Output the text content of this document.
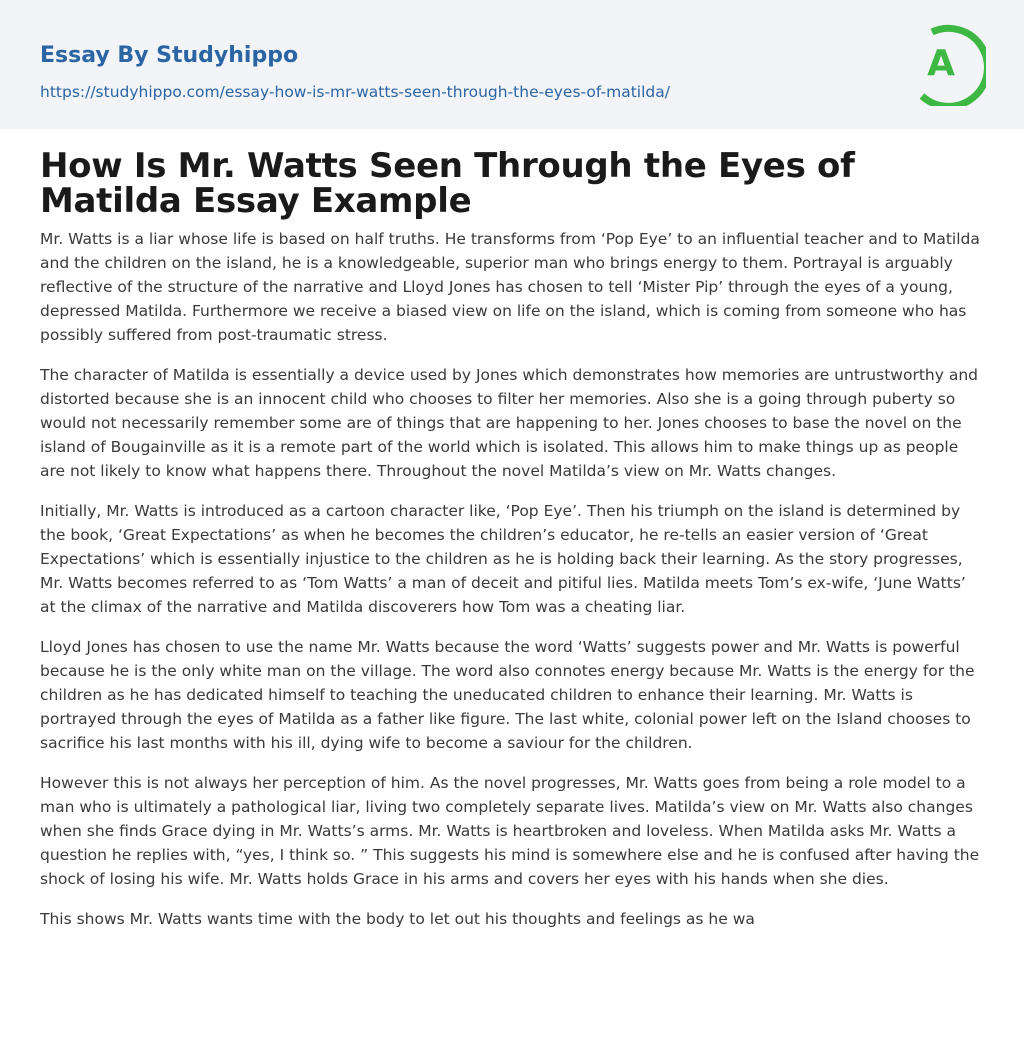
Essay By Studyhippo
https://studyhippo.com/essay-how-is-mr-watts-seen-through-the-eyes-of-matilda/
A
How Is Mr. Watts Seen Through the Eyes of Matilda Essay Example

Mr. Watts is a liar whose life is based on half truths. He transforms from ‘Pop Eye’ to an influential teacher and to Matilda and the children on the island, he is a knowledgeable, superior man who brings energy to them. Portrayal is arguably reflective of the structure of the narrative and Lloyd Jones has chosen to tell ‘Mister Pip’ through the eyes of a young, depressed Matilda. Furthermore we receive a biased view on life on the island, which is coming from someone who has possibly suffered from post-traumatic stress.

The character of Matilda is essentially a device used by Jones which demonstrates how memories are untrustworthy and distorted because she is an innocent child who chooses to filter her memories. Also she is a going through puberty so would not necessarily remember some are of things that are happening to her. Jones chooses to base the novel on the island of Bougainville as it is a remote part of the world which is isolated. This allows him to make things up as people are not likely to know what happens there. Throughout the novel Matilda’s view on Mr. Watts changes.

Initially, Mr. Watts is introduced as a cartoon character like, ‘Pop Eye’. Then his triumph on the island is determined by the book, ‘Great Expectations’ as when he becomes the children’s educator, he re-tells an easier version of ‘Great Expectations’ which is essentially injustice to the children as he is holding back their learning. As the story progresses, Mr. Watts becomes referred to as ‘Tom Watts’ a man of deceit and pitiful lies. Matilda meets Tom’s ex-wife, ‘June Watts’ at the climax of the narrative and Matilda discoverers how Tom was a cheating liar.

Lloyd Jones has chosen to use the name Mr. Watts because the word ‘Watts’ suggests power and Mr. Watts is powerful because he is the only white man on the village. The word also connotes energy because Mr. Watts is the energy for the children as he has dedicated himself to teaching the uneducated children to enhance their learning. Mr. Watts is portrayed through the eyes of Matilda as a father like figure. The last white, colonial power left on the Island chooses to sacrifice his last months with his ill, dying wife to become a saviour for the children.

However this is not always her perception of him. As the novel progresses, Mr. Watts goes from being a role model to a man who is ultimately a pathological liar, living two completely separate lives. Matilda’s view on Mr. Watts also changes when she finds Grace dying in Mr. Watts’s arms. Mr. Watts is heartbroken and loveless. When Matilda asks Mr. Watts a question he replies with, “yes, I think so. ” This suggests his mind is somewhere else and he is confused after having the shock of losing his wife. Mr. Watts holds Grace in his arms and covers her eyes with his hands when she dies.

This shows Mr. Watts wants time with the body to let out his thoughts and feelings as he wa
